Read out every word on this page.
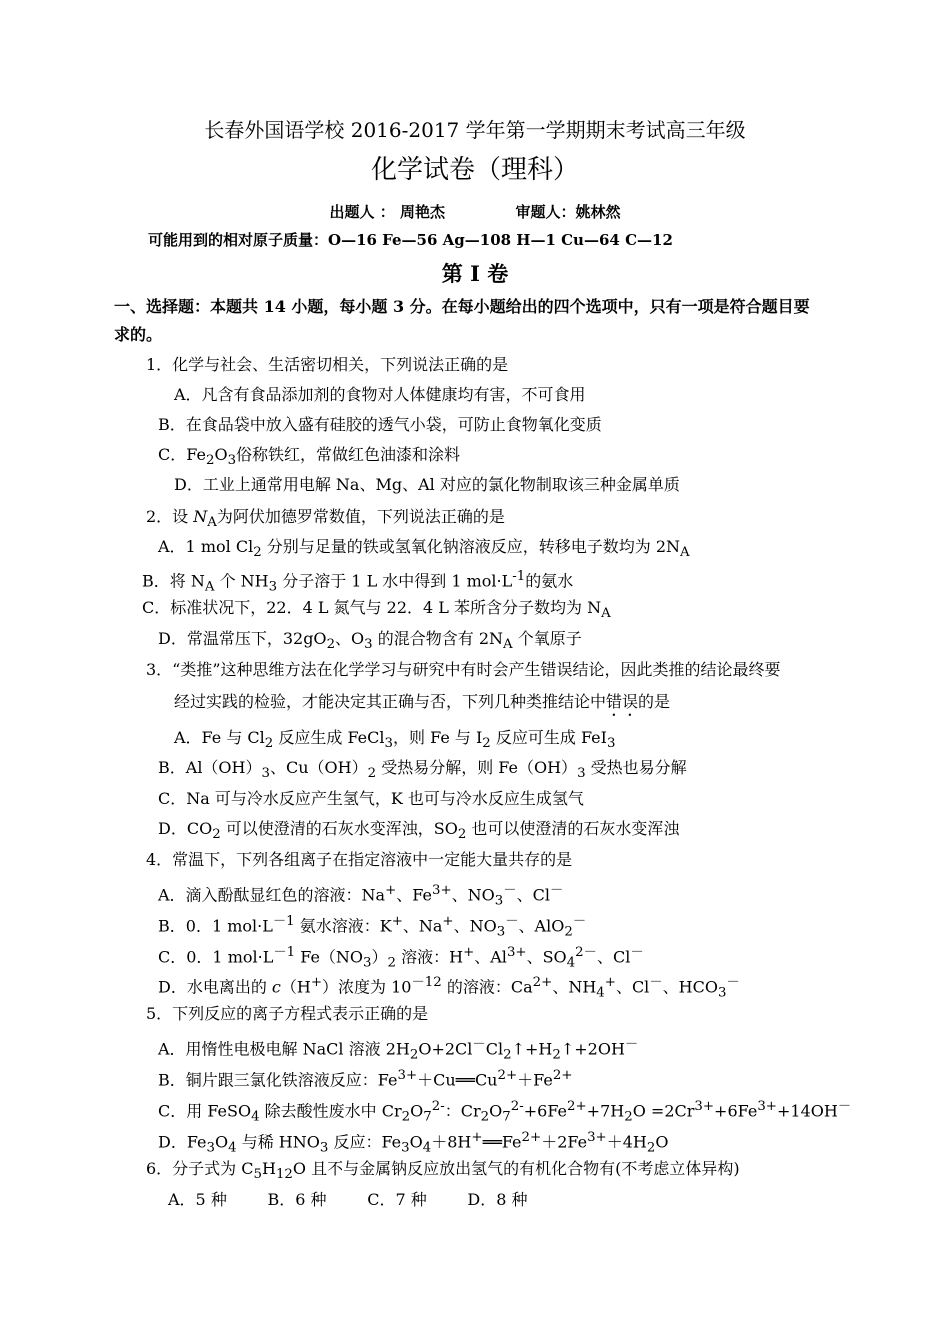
长春外国语学校 2016-2017 学年第一学期期末考试高三年级
化学试卷（理科）
出题人 ： 周艳杰	审题人：姚林然
可能用到的相对原子质量：O—16 Fe—56 Ag—108 H—1 Cu—64 C—12
第 I 卷
一、选择题：本题共 14 小题，每小题 3 分。在每小题给出的四个选项中，只有一项是符合题目要
求的。
1．化学与社会、生活密切相关，下列说法正确的是
A．凡含有食品添加剂的食物对人体健康均有害，不可食用
B．在食品袋中放入盛有硅胶的透气小袋，可防止食物氧化变质
C．$Fe_2O_3$俗称铁红，常做红色油漆和涂料
D．工业上通常用电解 Na、Mg、Al 对应的氯化物制取该三种金属单质
2．设 $N_A$为阿伏加德罗常数值，下列说法正确的是
A．1 mol $Cl_2$ 分别与足量的铁或氢氧化钠溶液反应，转移电子数均为 $2N_A$
B．将 $N_A$ 个 $NH_3$ 分子溶于 1 L 水中得到 1 $mol\cdot L^{-1}$的氨水
C．标准状况下，22．4 L 氮气与 22．4 L 苯所含分子数均为 $N_A$
D．常温常压下，$32gO_2$、$O_3$ 的混合物含有 $2N_A$ 个氧原子
3．“类推”这种思维方法在化学学习与研究中有时会产生错误结论，因此类推的结论最终要
经过实践的检验，才能决定其正确与否，下列几种类推结论中错误的是
A．Fe 与 $Cl_2$ 反应生成 FeCl$_3$，则 Fe 与 $I_2$ 反应可生成 FeI$_3$
B．$Al(OH)_3$、$Cu(OH)_2$ 受热易分解，则 $Fe(OH)_3$ 受热也易分解
C．Na 可与冷水反应产生氢气，K 也可与冷水反应生成氢气
D．$CO_2$ 可以使澄清的石灰水变浑浊，$SO_2$ 也可以使澄清的石灰水变浑浊
4．常温下，下列各组离子在指定溶液中一定能大量共存的是
A．滴入酚酞显红色的溶液：Na+、$Fe^{3+}$、$NO_3^-$、Cl－
B．0．1 $mol\cdot L^{-1}$ 氨水溶液：K+、Na+、$NO_3^-$、AlO$_2$－
C．0．1 $mol\cdot L^{-1}$ $Fe(NO_3)_2$ 溶液：H+、$Al^{3+}$、$SO_4^{2-}$、Cl－
D．水电离出的 c（H+）浓度为 $10^{-12}$ 的溶液：$Ca^{2+}$、$NH_4^+$、Cl－、$HCO_3^-$
5．下列反应的离子方程式表示正确的是
A．用惰性电极电解 NaCl 溶液 $2H_2O+2Cl^-Cl_2↑+H_2↑+2OH^-$
B．铜片跟三氯化铁溶液反应：$Fe^{3+}+Cu══Cu^{2+}+Fe^{2+}$
C．用 FeSO$_4$ 除去酸性废水中 $Cr_2O_7^{2-}$：$Cr_2O_7^{2-}+6Fe^{2+}+7H_2O =2Cr^{3+}+6Fe^{3+}+14OH^-$
D．$Fe_3O_4$ 与稀 $HNO_3$ 反应：$Fe_3O_4+8H^+══Fe^{2+}+2Fe^{3+}+4H_2O$
6．分子式为 $C_5H_{12}O$ 且不与金属钠反应放出氢气的有机化合物有(不考虑立体异构)
A．5 种        B．6 种        C．7 种        D．8 种
